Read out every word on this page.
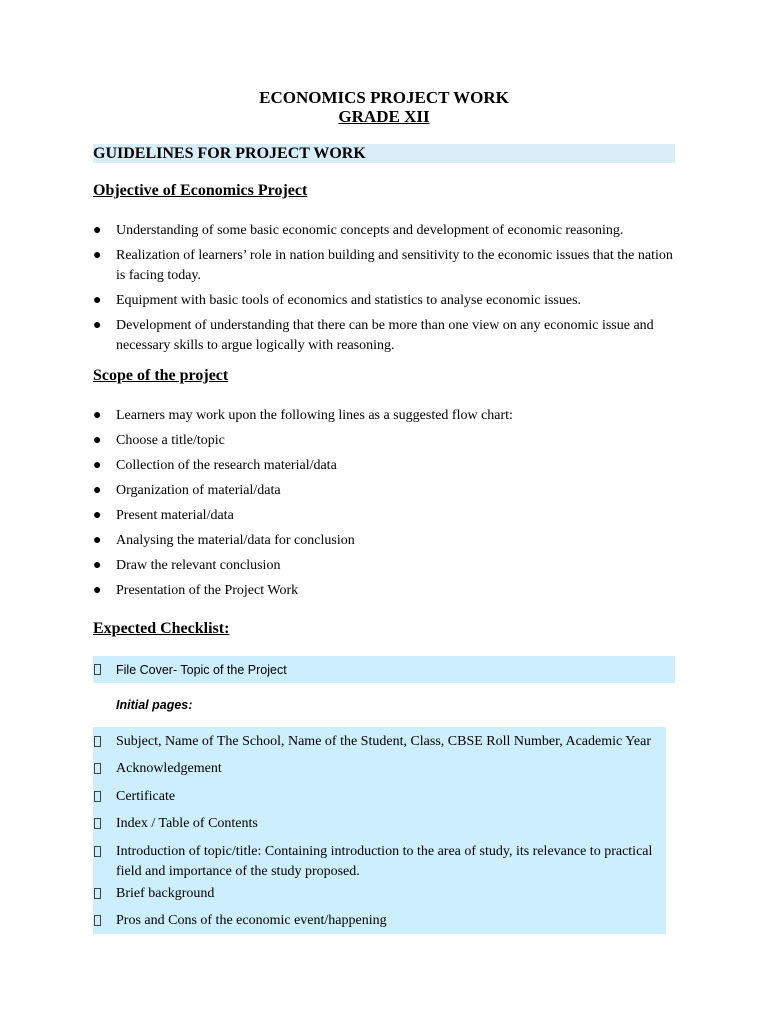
ECONOMICS PROJECT WORK
GRADE XII
GUIDELINES FOR PROJECT WORK
Objective of Economics Project
● Understanding of some basic economic concepts and development of economic reasoning.
● Realization of learners’ role in nation building and sensitivity to the economic issues that the nation is facing today.
● Equipment with basic tools of economics and statistics to analyse economic issues.
● Development of understanding that there can be more than one view on any economic issue and necessary skills to argue logically with reasoning.
Scope of the project
● Learners may work upon the following lines as a suggested flow chart:
● Choose a title/topic
● Collection of the research material/data
● Organization of material/data
● Present material/data
● Analysing the material/data for conclusion
● Draw the relevant conclusion
● Presentation of the Project Work
Expected Checklist:
File Cover- Topic of the Project
Initial pages:
Subject, Name of The School, Name of the Student, Class, CBSE Roll Number, Academic Year
Acknowledgement
Certificate
Index / Table of Contents
Introduction of topic/title: Containing introduction to the area of study, its relevance to practical field and importance of the study proposed.
Brief background
Pros and Cons of the economic event/happening
